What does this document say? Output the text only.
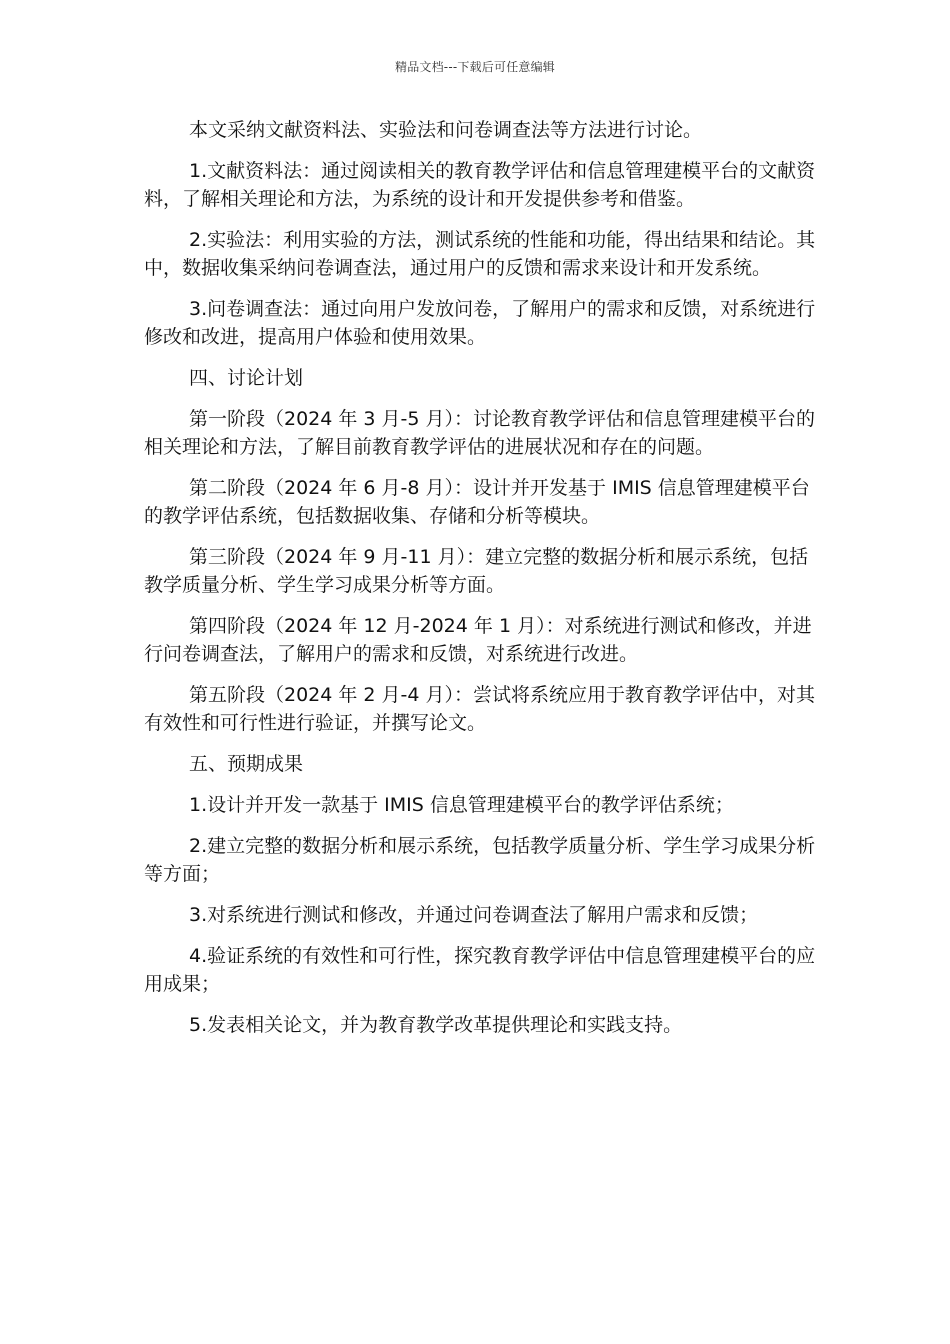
精品文档---下载后可任意编辑

本文采纳文献资料法、实验法和问卷调查法等方法进行讨论。

1.文献资料法：通过阅读相关的教育教学评估和信息管理建模平台的文献资料，了解相关理论和方法，为系统的设计和开发提供参考和借鉴。

2.实验法：利用实验的方法，测试系统的性能和功能，得出结果和结论。其中，数据收集采纳问卷调查法，通过用户的反馈和需求来设计和开发系统。

3.问卷调查法：通过向用户发放问卷，了解用户的需求和反馈，对系统进行修改和改进，提高用户体验和使用效果。

四、讨论计划

第一阶段（2024 年 3 月-5 月）：讨论教育教学评估和信息管理建模平台的相关理论和方法，了解目前教育教学评估的进展状况和存在的问题。

第二阶段（2024 年 6 月-8 月）：设计并开发基于 IMIS 信息管理建模平台的教学评估系统，包括数据收集、存储和分析等模块。

第三阶段（2024 年 9 月-11 月）：建立完整的数据分析和展示系统，包括教学质量分析、学生学习成果分析等方面。

第四阶段（2024 年 12 月-2024 年 1 月）：对系统进行测试和修改，并进行问卷调查法，了解用户的需求和反馈，对系统进行改进。

第五阶段（2024 年 2 月-4 月）：尝试将系统应用于教育教学评估中，对其有效性和可行性进行验证，并撰写论文。

五、预期成果

1.设计并开发一款基于 IMIS 信息管理建模平台的教学评估系统；

2.建立完整的数据分析和展示系统，包括教学质量分析、学生学习成果分析等方面；

3.对系统进行测试和修改，并通过问卷调查法了解用户需求和反馈；

4.验证系统的有效性和可行性，探究教育教学评估中信息管理建模平台的应用成果；

5.发表相关论文，并为教育教学改革提供理论和实践支持。
